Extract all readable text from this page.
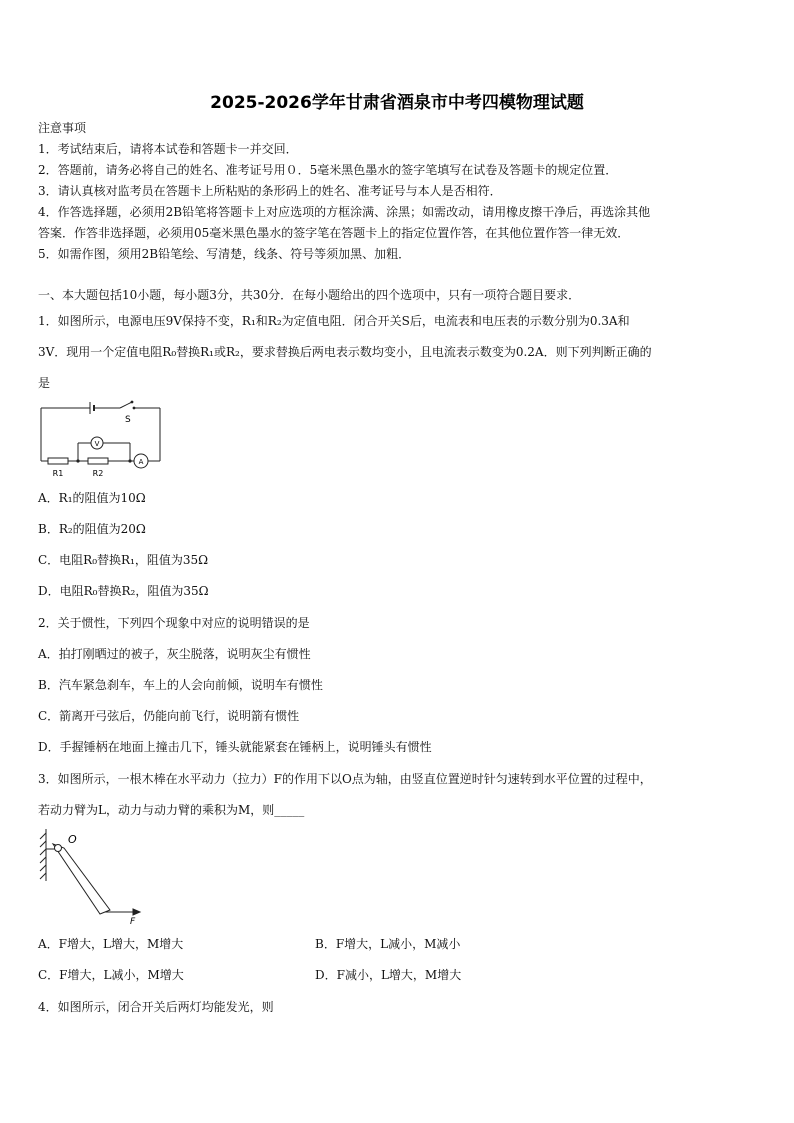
2025-2026学年甘肃省酒泉市中考四模物理试题
注意事项
1．考试结束后，请将本试卷和答题卡一并交回．
2．答题前，请务必将自己的姓名、准考证号用０．5毫米黑色墨水的签字笔填写在试卷及答题卡的规定位置．
3．请认真核对监考员在答题卡上所粘贴的条形码上的姓名、准考证号与本人是否相符．
4．作答选择题，必须用2B铅笔将答题卡上对应选项的方框涂满、涂黑；如需改动，请用橡皮擦干净后，再选涂其他
答案．作答非选择题，必须用05毫米黑色墨水的签字笔在答题卡上的指定位置作答，在其他位置作答一律无效．
5．如需作图，须用2B铅笔绘、写清楚，线条、符号等须加黑、加粗．
一、本大题包括10小题，每小题3分，共30分．在每小题给出的四个选项中，只有一项符合题目要求．
1．如图所示，电源电压9V保持不变，R₁和R₂为定值电阻．闭合开关S后，电流表和电压表的示数分别为0.3A和
3V．现用一个定值电阻R₀替换R₁或R₂，要求替换后两电表示数均变小，且电流表示数变为0.2A．则下列判断正确的
是
S
V
A
R1	R2
A．R₁的阻值为10Ω
B．R₂的阻值为20Ω
C．电阻R₀替换R₁，阻值为35Ω
D．电阻R₀替换R₂，阻值为35Ω
2．关于惯性，下列四个现象中对应的说明错误的是
A．拍打刚晒过的被子，灰尘脱落，说明灰尘有惯性
B．汽车紧急刹车，车上的人会向前倾，说明车有惯性
C．箭离开弓弦后，仍能向前飞行，说明箭有惯性
D．手握锤柄在地面上撞击几下，锤头就能紧套在锤柄上，说明锤头有惯性
3．如图所示，一根木棒在水平动力（拉力）F的作用下以O点为轴，由竖直位置逆时针匀速转到水平位置的过程中，
若动力臂为L，动力与动力臂的乘积为M，则_____
O
F
A．F增大，L增大，M增大	B．F增大，L减小，M减小
C．F增大，L减小，M增大	D．F减小，L增大，M增大
4．如图所示，闭合开关后两灯均能发光，则
